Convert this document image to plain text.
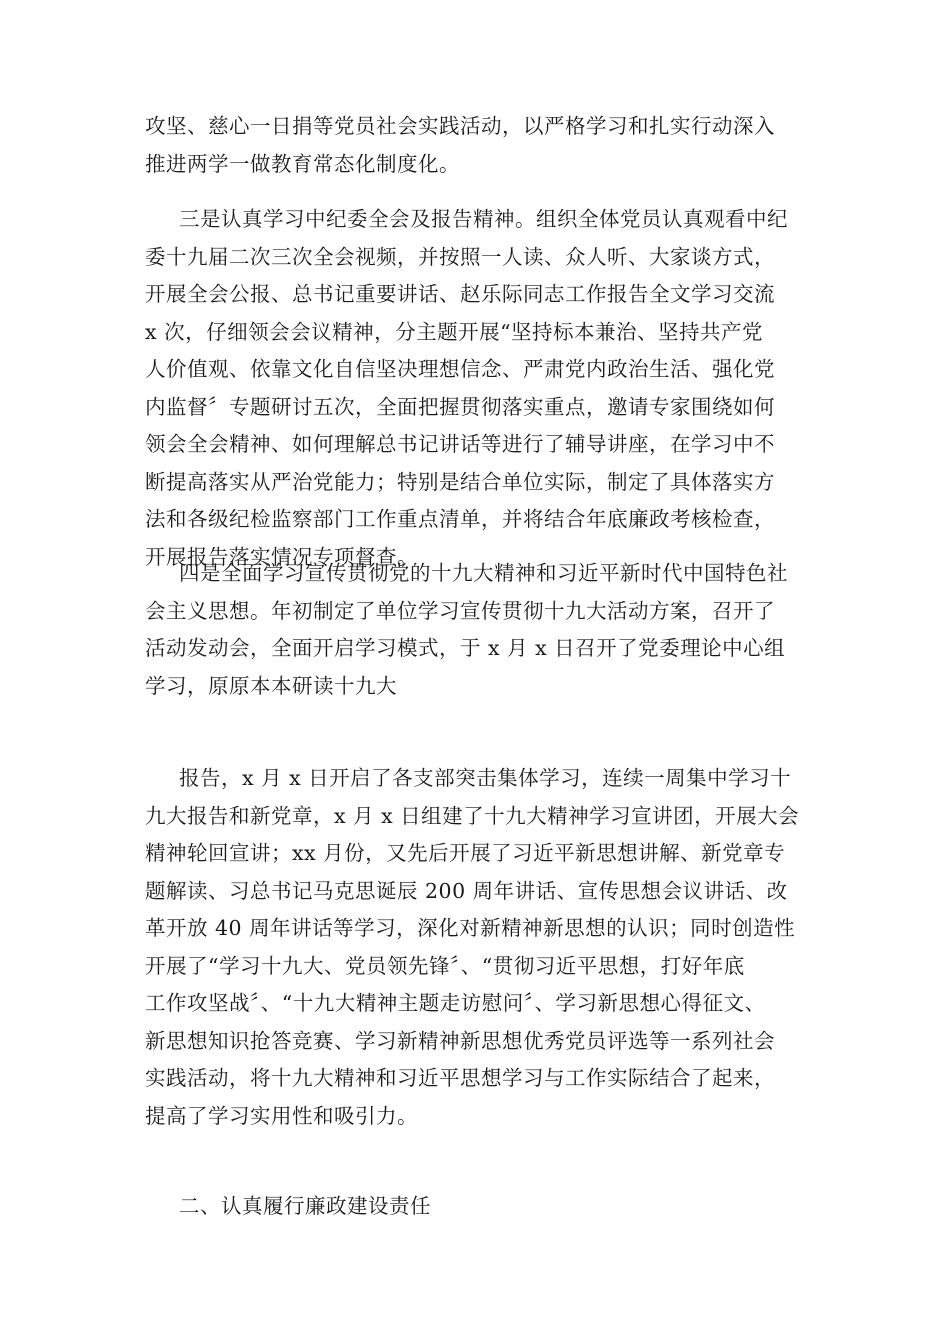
攻坚、慈心一日捐等党员社会实践活动，以严格学习和扎实行动深入
推进两学一做教育常态化制度化。
三是认真学习中纪委全会及报告精神。组织全体党员认真观看中纪
委十九届二次三次全会视频，并按照一人读、众人听、大家谈方式，
开展全会公报、总书记重要讲话、赵乐际同志工作报告全文学习交流
x 次，仔细领会会议精神，分主题开展“坚持标本兼治、坚持共产党
人价值观、依靠文化自信坚决理想信念、严肃党内政治生活、强化党
内监督〞专题研讨五次，全面把握贯彻落实重点，邀请专家围绕如何
领会全会精神、如何理解总书记讲话等进行了辅导讲座，在学习中不
断提高落实从严治党能力；特别是结合单位实际，制定了具体落实方
法和各级纪检监察部门工作重点清单，并将结合年底廉政考核检查，
开展报告落实情况专项督查。
四是全面学习宣传贯彻党的十九大精神和习近平新时代中国特色社
会主义思想。年初制定了单位学习宣传贯彻十九大活动方案，召开了
活动发动会，全面开启学习模式，于 x 月 x 日召开了党委理论中心组
学习，原原本本研读十九大
报告，x 月 x 日开启了各支部突击集体学习，连续一周集中学习十
九大报告和新党章，x 月 x 日组建了十九大精神学习宣讲团，开展大会
精神轮回宣讲；xx 月份，又先后开展了习近平新思想讲解、新党章专
题解读、习总书记马克思诞辰 200 周年讲话、宣传思想会议讲话、改
革开放 40 周年讲话等学习，深化对新精神新思想的认识；同时创造性
开展了“学习十九大、党员领先锋〞、“贯彻习近平思想，打好年底
工作攻坚战〞、“十九大精神主题走访慰问〞、学习新思想心得征文、
新思想知识抢答竞赛、学习新精神新思想优秀党员评选等一系列社会
实践活动，将十九大精神和习近平思想学习与工作实际结合了起来，
提高了学习实用性和吸引力。
二、认真履行廉政建设责任
